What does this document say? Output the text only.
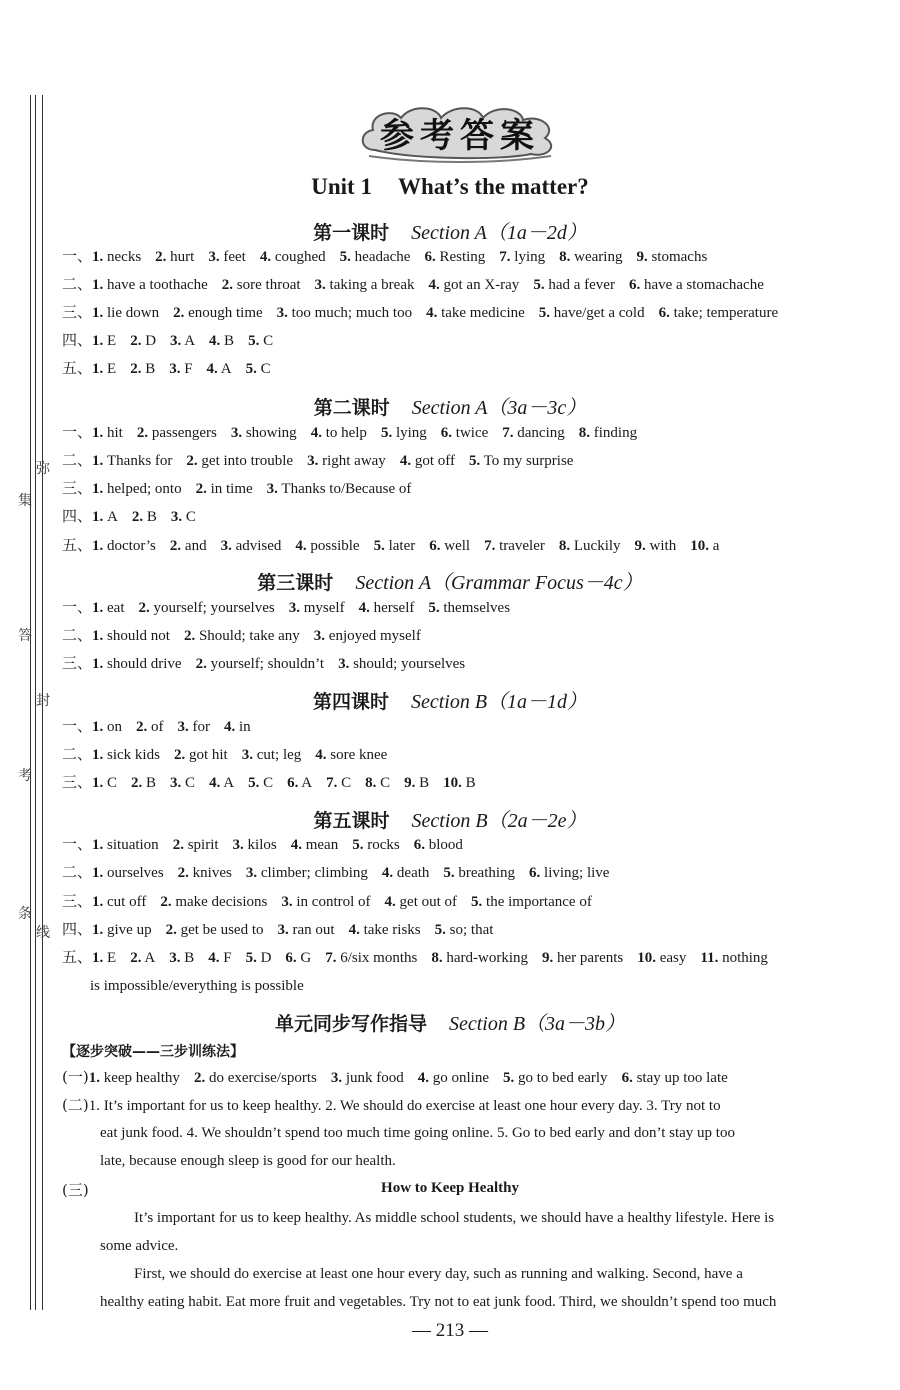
弥
集
答
封
考
条
线
参考答案
Unit 1 What’s the matter?
第一课时 Section A（1a－2d）
一、1. necks 2. hurt 3. feet 4. coughed 5. headache 6. Resting 7. lying 8. wearing 9. stomachs
二、1. have a toothache 2. sore throat 3. taking a break 4. got an X-ray 5. had a fever 6. have a stomachache
三、1. lie down 2. enough time 3. too much; much too 4. take medicine 5. have/get a cold 6. take; temperature
四、1. E 2. D 3. A 4. B 5. C
五、1. E 2. B 3. F 4. A 5. C
第二课时 Section A（3a－3c）
一、1. hit 2. passengers 3. showing 4. to help 5. lying 6. twice 7. dancing 8. finding
二、1. Thanks for 2. get into trouble 3. right away 4. got off 5. To my surprise
三、1. helped; onto 2. in time 3. Thanks to/Because of
四、1. A 2. B 3. C
五、1. doctor’s 2. and 3. advised 4. possible 5. later 6. well 7. traveler 8. Luckily 9. with 10. a
第三课时 Section A（Grammar Focus－4c）
一、1. eat 2. yourself; yourselves 3. myself 4. herself 5. themselves
二、1. should not 2. Should; take any 3. enjoyed myself
三、1. should drive 2. yourself; shouldn’t 3. should; yourselves
第四课时 Section B（1a－1d）
一、1. on 2. of 3. for 4. in
二、1. sick kids 2. got hit 3. cut; leg 4. sore knee
三、1. C 2. B 3. C 4. A 5. C 6. A 7. C 8. C 9. B 10. B
第五课时 Section B（2a－2e）
一、1. situation 2. spirit 3. kilos 4. mean 5. rocks 6. blood
二、1. ourselves 2. knives 3. climber; climbing 4. death 5. breathing 6. living; live
三、1. cut off 2. make decisions 3. in control of 4. get out of 5. the importance of
四、1. give up 2. get be used to 3. ran out 4. take risks 5. so; that
五、1. E 2. A 3. B 4. F 5. D 6. G 7. 6/six months 8. hard-working 9. her parents 10. easy 11. nothing
is impossible/everything is possible
单元同步写作指导 Section B（3a－3b）
【逐步突破——三步训练法】
(一)1. keep healthy 2. do exercise/sports 3. junk food 4. go online 5. go to bed early 6. stay up too late
(二)1. It’s important for us to keep healthy. 2. We should do exercise at least one hour every day. 3. Try not to
eat junk food. 4. We shouldn’t spend too much time going online. 5. Go to bed early and don’t stay up too
late, because enough sleep is good for our health.
(三)	How to Keep Healthy
It’s important for us to keep healthy. As middle school students, we should have a healthy lifestyle. Here is
some advice.
First, we should do exercise at least one hour every day, such as running and walking. Second, have a
healthy eating habit. Eat more fruit and vegetables. Try not to eat junk food. Third, we shouldn’t spend too much
— 213 —
